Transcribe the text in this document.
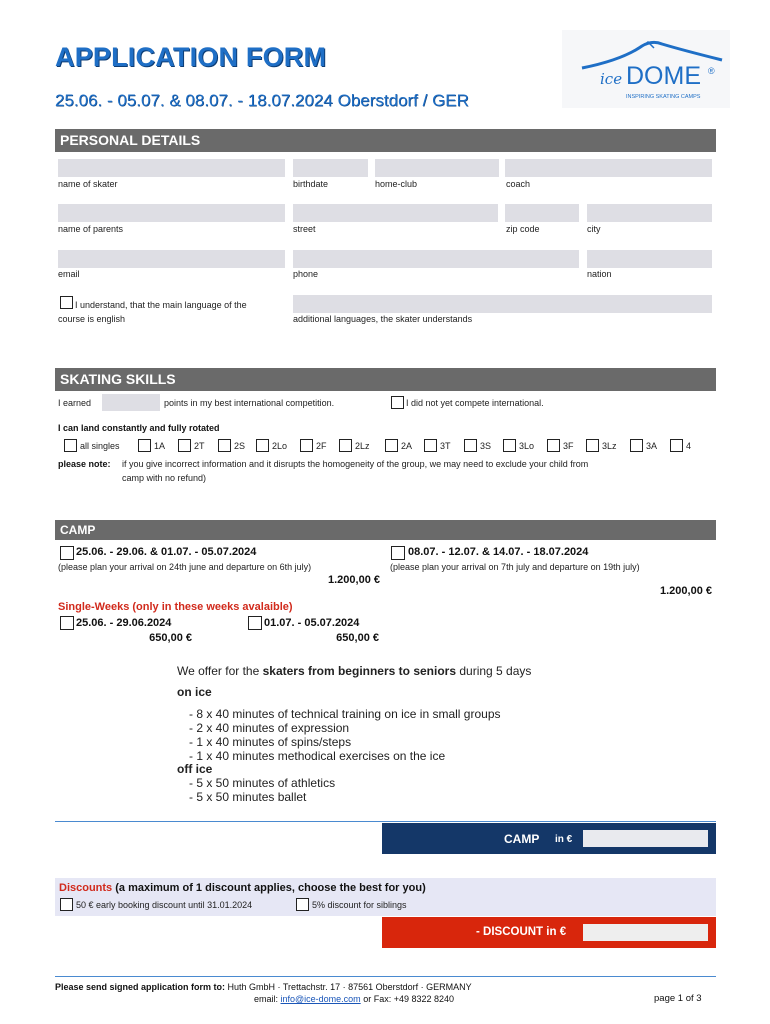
APPLICATION FORM
25.06. - 05.07. & 08.07. - 18.07.2024 Oberstdorf / GER
ice DOME ®
INSPIRING SKATING CAMPS
PERSONAL DETAILS
name of skater	birthdate	home-club	coach
name of parents	street	zip code	city
email	phone	nation
I understand, that the main language of the
course is english	additional languages, the skater understands
SKATING SKILLS
I earned	points in my best international competition.	I did not yet compete international.
I can land constantly and fully rotated
all singles	1A	2T	2S	2Lo	2F	2Lz	2A	3T	3S	3Lo	3F	3Lz	3A	4
please note: if you give incorrect information and it disrupts the homogeneity of the group, we may need to exclude your child from
camp with no refund)
CAMP
25.06. - 29.06. & 01.07. - 05.07.2024
(please plan your arrival on 24th june and departure on 6th july)
1.200,00 €
08.07. - 12.07. & 14.07. - 18.07.2024
(please plan your arrival on 7th july and departure on 19th july)
1.200,00 €
Single-Weeks (only in these weeks avalaible)
25.06. - 29.06.2024
650,00 €
01.07. - 05.07.2024
650,00 €
We offer for the skaters from beginners to seniors during 5 days
on ice
- 8 x 40 minutes of technical training on ice in small groups
- 2 x 40 minutes of expression
- 1 x 40 minutes of spins/steps
- 1 x 40 minutes methodical exercises on the ice
off ice
- 5 x 50 minutes of athletics
- 5 x 50 minutes ballet
CAMP in €
Discounts (a maximum of 1 discount applies, choose the best for you)
50 € early booking discount until 31.01.2024	5% discount for siblings
- DISCOUNT in €
Please send signed application form to: Huth GmbH · Trettachstr. 17 · 87561 Oberstdorf · GERMANY
email: info@ice-dome.com or Fax: +49 8322 8240	page 1 of 3
